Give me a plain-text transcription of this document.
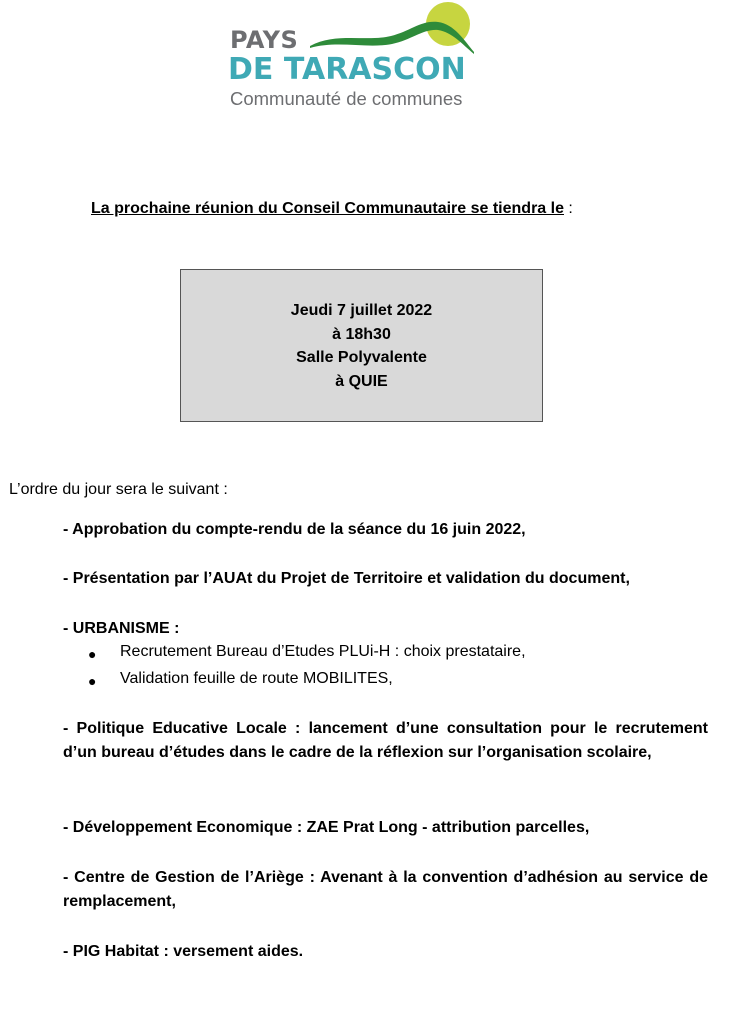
PAYS
DE TARASCON
Communauté de communes
La prochaine réunion du Conseil Communautaire se tiendra le :
Jeudi 7 juillet 2022
à 18h30
Salle Polyvalente
à QUIE
L’ordre du jour sera le suivant :
- Approbation du compte-rendu de la séance du 16 juin 2022,
- Présentation par l’AUAt du Projet de Territoire et validation du document,
- URBANISME :
● Recrutement Bureau d’Etudes PLUi-H : choix prestataire,
● Validation feuille de route MOBILITES,
- Politique Educative Locale : lancement d’une consultation pour le recrutement d’un bureau d’études dans le cadre de la réflexion sur l’organisation scolaire,
- Développement Economique : ZAE Prat Long - attribution parcelles,
- Centre de Gestion de l’Ariège : Avenant à la convention d’adhésion au service de remplacement,
- PIG Habitat : versement aides.
